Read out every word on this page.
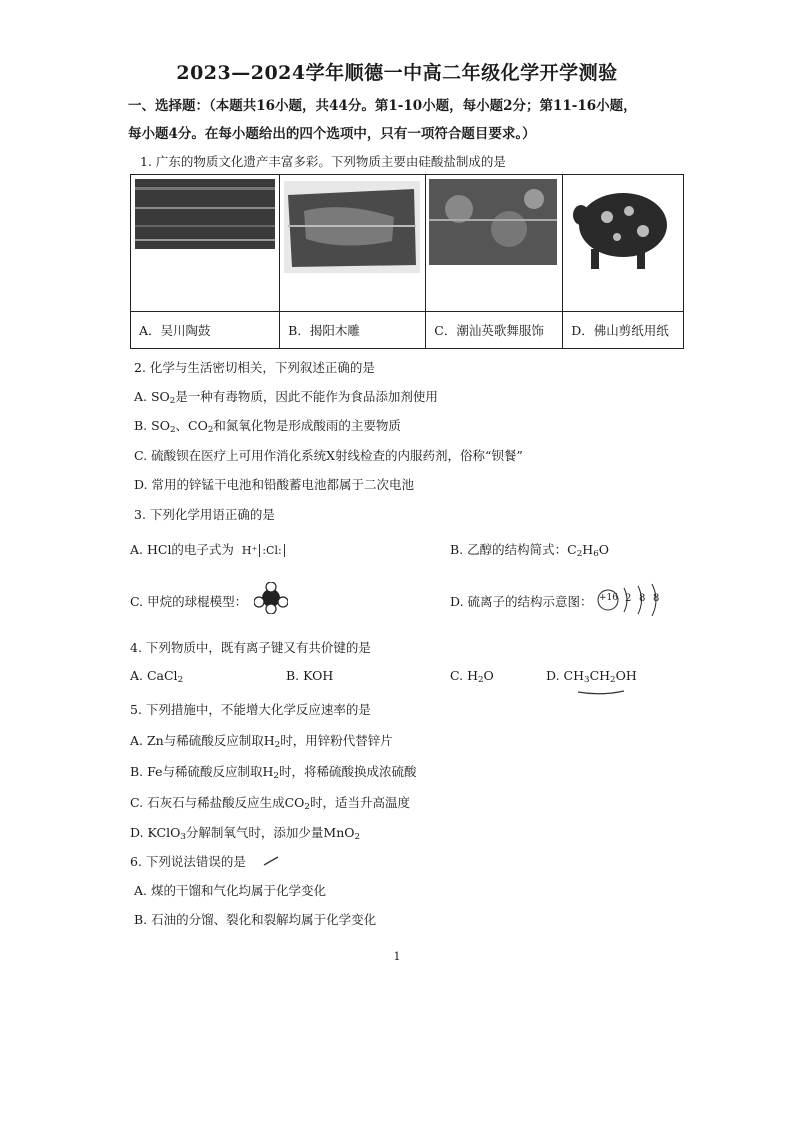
2023—2024学年顺德一中高二年级化学开学测验
一、选择题：（本题共16小题，共44分。第1-10小题，每小题2分；第11-16小题，
每小题4分。在每小题给出的四个选项中，只有一项符合题目要求。）
1. 广东的物质文化遗产丰富多彩。下列物质主要由硅酸盐制成的是

A．吴川陶鼓	B．揭阳木雕	C．潮汕英歌舞服饰	D．佛山剪纸用纸
2. 化学与生活密切相关，下列叙述正确的是
A. $SO_2$是一种有毒物质，因此不能作为食品添加剂使用
B. $SO_2$、$CO_2$和氮氧化物是形成酸雨的主要物质
C. 硫酸钡在医疗上可用作消化系统X射线检查的内服药剂，俗称“钡餐”
D. 常用的锌锰干电池和铅酸蓄电池都属于二次电池
3. 下列化学用语正确的是
A. HCl的电子式为 H⁺ :Cl:	B. 乙醇的结构简式：$C_2H_6O$
C. 甲烷的球棍模型：	D. 硫离子的结构示意图： +16 2 8 8
4. 下列物质中，既有离子键又有共价键的是
A. CaCl$_2$	B. KOH	C. $H_2O$	D. $CH_3CH_2OH$
5. 下列措施中，不能增大化学反应速率的是
A. Zn与稀硫酸反应制取$H_2$时，用锌粉代替锌片
B. Fe与稀硫酸反应制取$H_2$时，将稀硫酸换成浓硫酸
C. 石灰石与稀盐酸反应生成$CO_2$时，适当升高温度
D. KClO$_3$分解制氧气时，添加少量MnO$_2$
6. 下列说法错误的是
A. 煤的干馏和气化均属于化学变化
B. 石油的分馏、裂化和裂解均属于化学变化
1
